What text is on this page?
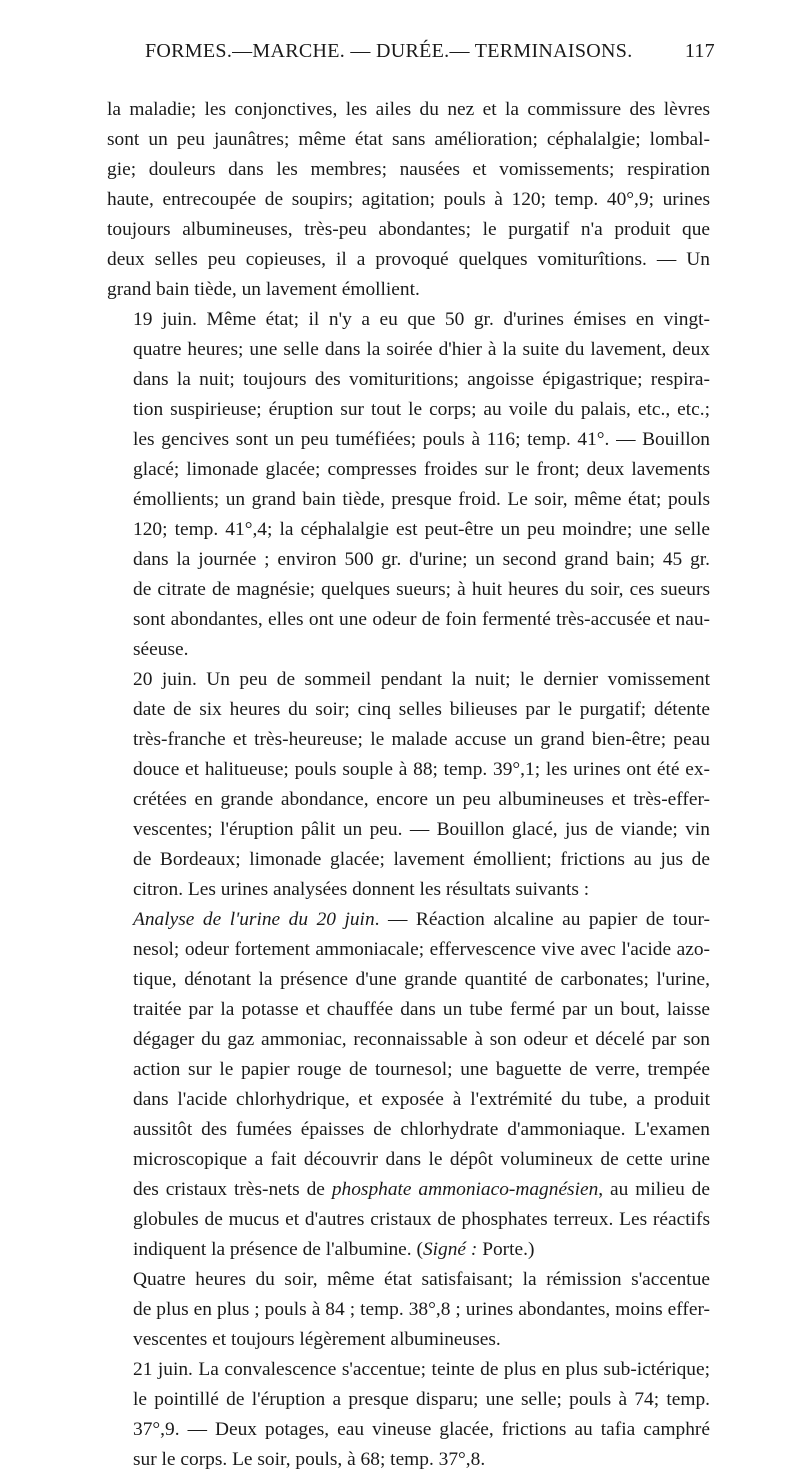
FORMES.—MARCHE. — DURÉE.— TERMINAISONS.	117

la maladie; les conjonctives, les ailes du nez et la commissure des lèvres
sont un peu jaunâtres; même état sans amélioration; céphalalgie; lombal-
gie; douleurs dans les membres; nausées et vomissements; respiration
haute, entrecoupée de soupirs; agitation; pouls à 120; temp. 40°,9; urines
toujours albumineuses, très-peu abondantes; le purgatif n'a produit que
deux selles peu copieuses, il a provoqué quelques vomiturîtions. — Un
grand bain tiède, un lavement émollient.

19 juin. Même état; il n'y a eu que 50 gr. d'urines émises en vingt-
quatre heures; une selle dans la soirée d'hier à la suite du lavement, deux
dans la nuit; toujours des vomituritions; angoisse épigastrique; respira-
tion suspirieuse; éruption sur tout le corps; au voile du palais, etc., etc.;
les gencives sont un peu tuméfiées; pouls à 116; temp. 41°. — Bouillon
glacé; limonade glacée; compresses froides sur le front; deux lavements
émollients; un grand bain tiède, presque froid. Le soir, même état; pouls
120; temp. 41°,4; la céphalalgie est peut-être un peu moindre; une selle
dans la journée ; environ 500 gr. d'urine; un second grand bain; 45 gr.
de citrate de magnésie; quelques sueurs; à huit heures du soir, ces sueurs
sont abondantes, elles ont une odeur de foin fermenté très-accusée et nau-
séeuse.

20 juin. Un peu de sommeil pendant la nuit; le dernier vomissement
date de six heures du soir; cinq selles bilieuses par le purgatif; détente
très-franche et très-heureuse; le malade accuse un grand bien-être; peau
douce et halitueuse; pouls souple à 88; temp. 39°,1; les urines ont été ex-
crétées en grande abondance, encore un peu albumineuses et très-effer-
vescentes; l'éruption pâlit un peu. — Bouillon glacé, jus de viande; vin
de Bordeaux; limonade glacée; lavement émollient; frictions au jus de
citron. Les urines analysées donnent les résultats suivants :

Analyse de l'urine du 20 juin. — Réaction alcaline au papier de tour-
nesol; odeur fortement ammoniacale; effervescence vive avec l'acide azo-
tique, dénotant la présence d'une grande quantité de carbonates; l'urine,
traitée par la potasse et chauffée dans un tube fermé par un bout, laisse
dégager du gaz ammoniac, reconnaissable à son odeur et décelé par son
action sur le papier rouge de tournesol; une baguette de verre, trempée
dans l'acide chlorhydrique, et exposée à l'extrémité du tube, a produit
aussitôt des fumées épaisses de chlorhydrate d'ammoniaque. L'examen
microscopique a fait découvrir dans le dépôt volumineux de cette urine
des cristaux très-nets de phosphate ammoniaco-magnésien, au milieu de
globules de mucus et d'autres cristaux de phosphates terreux. Les réactifs
indiquent la présence de l'albumine. (Signé : Porte.)

Quatre heures du soir, même état satisfaisant; la rémission s'accentue
de plus en plus ; pouls à 84 ; temp. 38°,8 ; urines abondantes, moins effer-
vescentes et toujours légèrement albumineuses.

21 juin. La convalescence s'accentue; teinte de plus en plus sub-ictérique;
le pointillé de l'éruption a presque disparu; une selle; pouls à 74; temp.
37°,9. — Deux potages, eau vineuse glacée, frictions au tafia camphré
sur le corps. Le soir, pouls, à 68; temp. 37°,8.
